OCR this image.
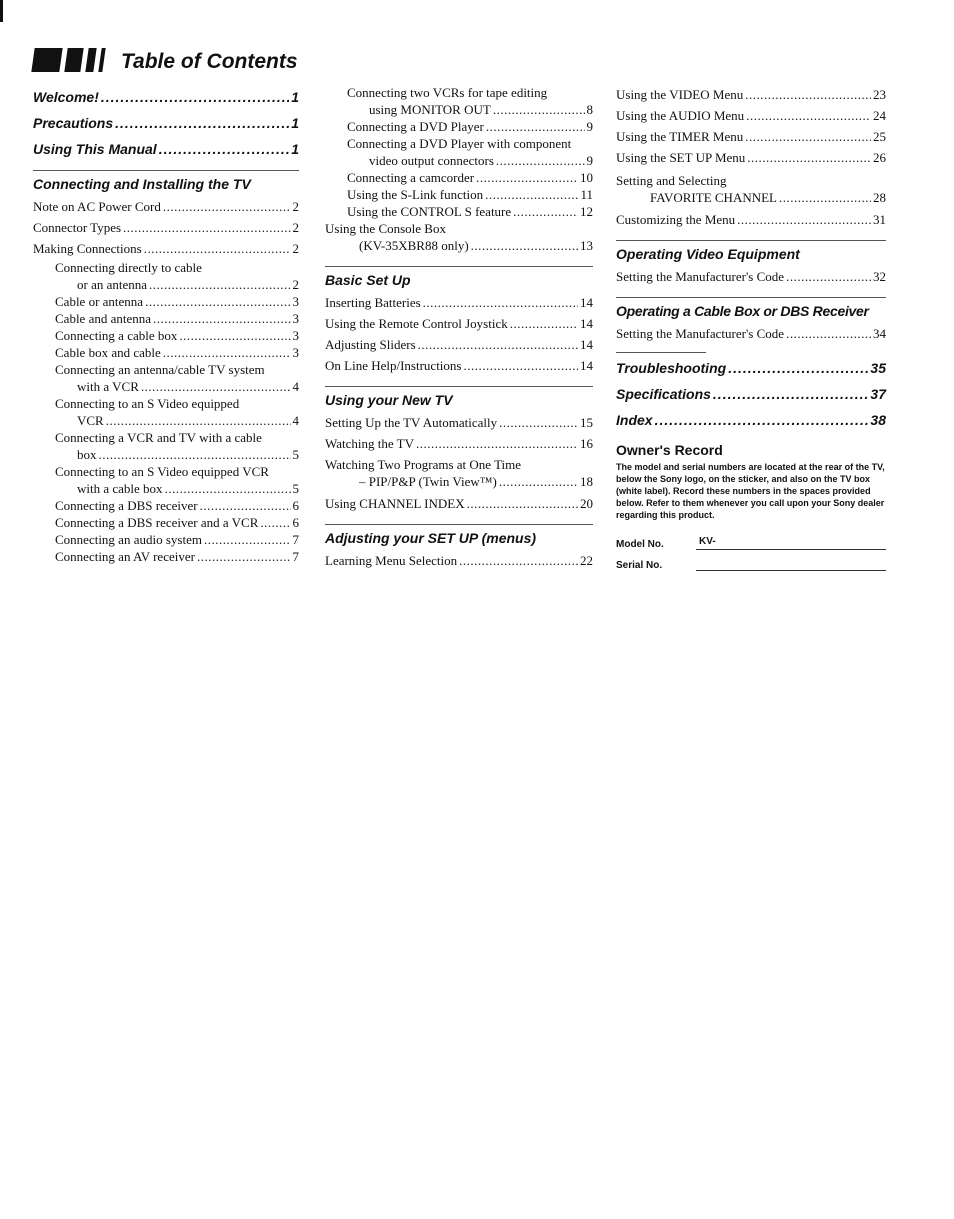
Table of Contents
Welcome! .....	1
Precautions .....	1
Using This Manual .....	1
Connecting and Installing the TV
Note on AC Power Cord .....	2
Connector Types .....	2
Making Connections .....	2
Connecting directly to cable
or an antenna .....	2
Cable or antenna .....	3
Cable and antenna .....	3
Connecting a cable box .....	3
Cable box and cable .....	3
Connecting an antenna/cable TV system
with a VCR .....	4
Connecting to an S Video equipped
VCR .....	4
Connecting a VCR and TV with a cable
box .....	5
Connecting to an S Video equipped VCR
with a cable box .....	5
Connecting a DBS receiver .....	6
Connecting a DBS receiver and a VCR .....	6
Connecting an audio system .....	7
Connecting an AV receiver .....	7
Connecting two VCRs for tape editing
using MONITOR OUT .....	8
Connecting a DVD Player .....	9
Connecting a DVD Player with component
video output connectors .....	9
Connecting a camcorder .....	10
Using the S-Link function .....	11
Using the CONTROL S feature .....	12
Using the Console Box
(KV-35XBR88 only) .....	13
Basic Set Up
Inserting Batteries .....	14
Using the Remote Control Joystick .....	14
Adjusting Sliders .....	14
On Line Help/Instructions .....	14
Using your New TV
Setting Up the TV Automatically .....	15
Watching the TV .....	16
Watching Two Programs at One Time
– PIP/P&P (Twin View™) .....	18
Using CHANNEL INDEX .....	20
Adjusting your SET UP (menus)
Learning Menu Selection .....	22
Using the VIDEO Menu .....	23
Using the AUDIO Menu .....	24
Using the TIMER Menu .....	25
Using the SET UP Menu .....	26
Setting and Selecting
FAVORITE CHANNEL .....	28
Customizing the Menu .....	31
Operating Video Equipment
Setting the Manufacturer's Code .....	32
Operating a Cable Box or DBS Receiver
Setting the Manufacturer's Code .....	34
Troubleshooting .....	35
Specifications .....	37
Index .....	38
Owner's Record
The model and serial numbers are located at the rear of the TV, below the Sony logo, on the sticker, and also on the TV box (white label). Record these numbers in the spaces provided below. Refer to them whenever you call upon your Sony dealer regarding this product.
Model No.	KV-
Serial No.
